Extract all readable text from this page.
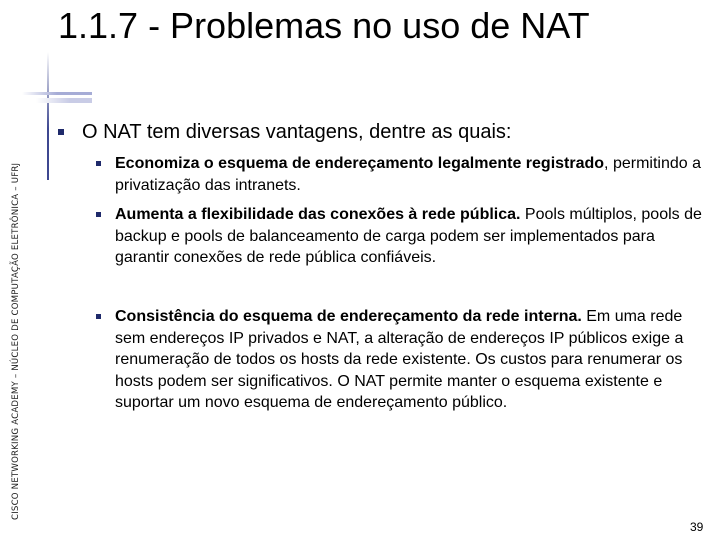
CISCO NETWORKING ACADEMY – NÚCLEO DE COMPUTAÇÃO ELETRÔNICA – UFRJ
1.1.7 - Problemas no uso de NAT
O NAT tem diversas vantagens, dentre as quais:
Economiza o esquema de endereçamento legalmente registrado, permitindo a privatização das intranets.
Aumenta a flexibilidade das conexões à rede pública. Pools múltiplos, pools de backup e pools de balanceamento de carga podem ser implementados para garantir conexões de rede pública confiáveis.
Consistência do esquema de endereçamento da rede interna. Em uma rede sem endereços IP privados e NAT, a alteração de endereços IP públicos exige a renumeração de todos os hosts da rede existente. Os custos para renumerar os hosts podem ser significativos. O NAT permite manter o esquema existente e suportar um novo esquema de endereçamento público.
39
